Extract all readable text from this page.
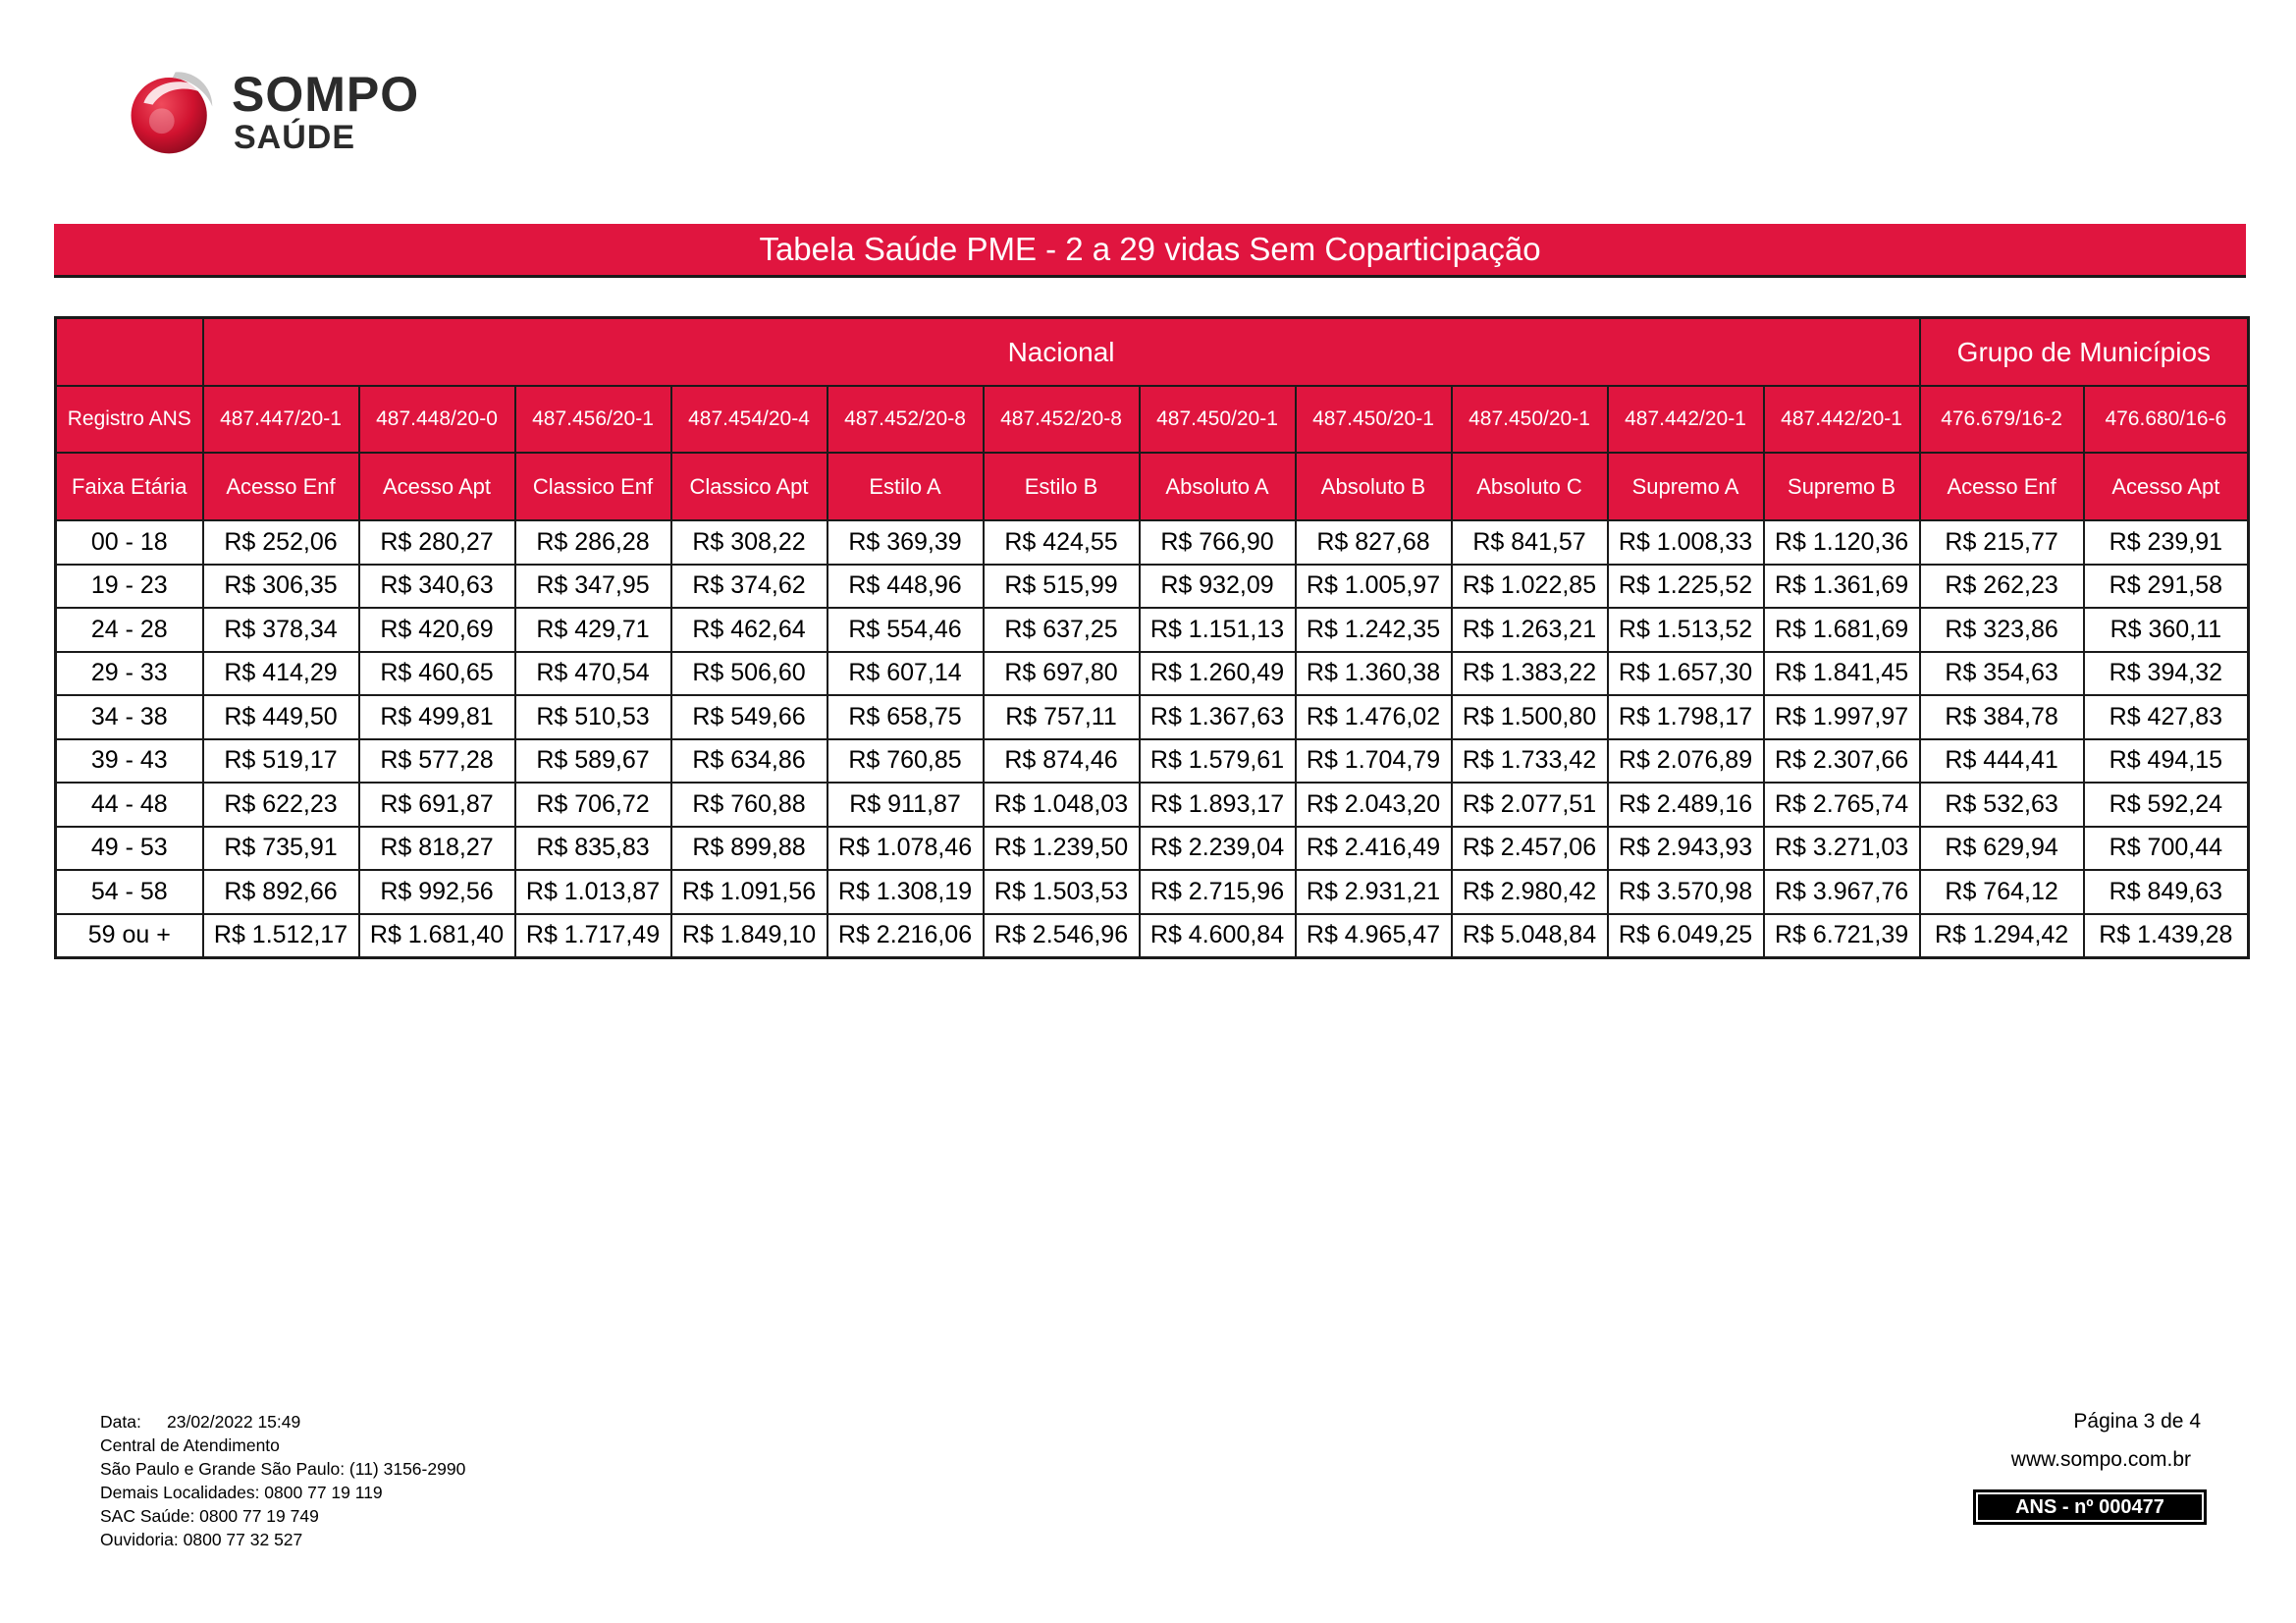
SOMPO
SAÚDE
Tabela Saúde PME - 2 a 29 vidas Sem Coparticipação
	Nacional											Grupo de Municípios	
Registro ANS	487.447/20-1	487.448/20-0	487.456/20-1	487.454/20-4	487.452/20-8	487.452/20-8	487.450/20-1	487.450/20-1	487.450/20-1	487.442/20-1	487.442/20-1	476.679/16-2	476.680/16-6
Faixa Etária	Acesso Enf	Acesso Apt	Classico Enf	Classico Apt	Estilo A	Estilo B	Absoluto A	Absoluto B	Absoluto C	Supremo A	Supremo B	Acesso Enf	Acesso Apt
00 - 18	R$ 252,06	R$ 280,27	R$ 286,28	R$ 308,22	R$ 369,39	R$ 424,55	R$ 766,90	R$ 827,68	R$ 841,57	R$ 1.008,33	R$ 1.120,36	R$ 215,77	R$ 239,91
19 - 23	R$ 306,35	R$ 340,63	R$ 347,95	R$ 374,62	R$ 448,96	R$ 515,99	R$ 932,09	R$ 1.005,97	R$ 1.022,85	R$ 1.225,52	R$ 1.361,69	R$ 262,23	R$ 291,58
24 - 28	R$ 378,34	R$ 420,69	R$ 429,71	R$ 462,64	R$ 554,46	R$ 637,25	R$ 1.151,13	R$ 1.242,35	R$ 1.263,21	R$ 1.513,52	R$ 1.681,69	R$ 323,86	R$ 360,11
29 - 33	R$ 414,29	R$ 460,65	R$ 470,54	R$ 506,60	R$ 607,14	R$ 697,80	R$ 1.260,49	R$ 1.360,38	R$ 1.383,22	R$ 1.657,30	R$ 1.841,45	R$ 354,63	R$ 394,32
34 - 38	R$ 449,50	R$ 499,81	R$ 510,53	R$ 549,66	R$ 658,75	R$ 757,11	R$ 1.367,63	R$ 1.476,02	R$ 1.500,80	R$ 1.798,17	R$ 1.997,97	R$ 384,78	R$ 427,83
39 - 43	R$ 519,17	R$ 577,28	R$ 589,67	R$ 634,86	R$ 760,85	R$ 874,46	R$ 1.579,61	R$ 1.704,79	R$ 1.733,42	R$ 2.076,89	R$ 2.307,66	R$ 444,41	R$ 494,15
44 - 48	R$ 622,23	R$ 691,87	R$ 706,72	R$ 760,88	R$ 911,87	R$ 1.048,03	R$ 1.893,17	R$ 2.043,20	R$ 2.077,51	R$ 2.489,16	R$ 2.765,74	R$ 532,63	R$ 592,24
49 - 53	R$ 735,91	R$ 818,27	R$ 835,83	R$ 899,88	R$ 1.078,46	R$ 1.239,50	R$ 2.239,04	R$ 2.416,49	R$ 2.457,06	R$ 2.943,93	R$ 3.271,03	R$ 629,94	R$ 700,44
54 - 58	R$ 892,66	R$ 992,56	R$ 1.013,87	R$ 1.091,56	R$ 1.308,19	R$ 1.503,53	R$ 2.715,96	R$ 2.931,21	R$ 2.980,42	R$ 3.570,98	R$ 3.967,76	R$ 764,12	R$ 849,63
59 ou +	R$ 1.512,17	R$ 1.681,40	R$ 1.717,49	R$ 1.849,10	R$ 2.216,06	R$ 2.546,96	R$ 4.600,84	R$ 4.965,47	R$ 5.048,84	R$ 6.049,25	R$ 6.721,39	R$ 1.294,42	R$ 1.439,28
Data: 23/02/2022 15:49
Central de Atendimento
São Paulo e Grande São Paulo: (11) 3156-2990
Demais Localidades: 0800 77 19 119
SAC Saúde: 0800 77 19 749
Ouvidoria: 0800 77 32 527
Página 3 de 4
www.sompo.com.br
ANS - nº 000477
